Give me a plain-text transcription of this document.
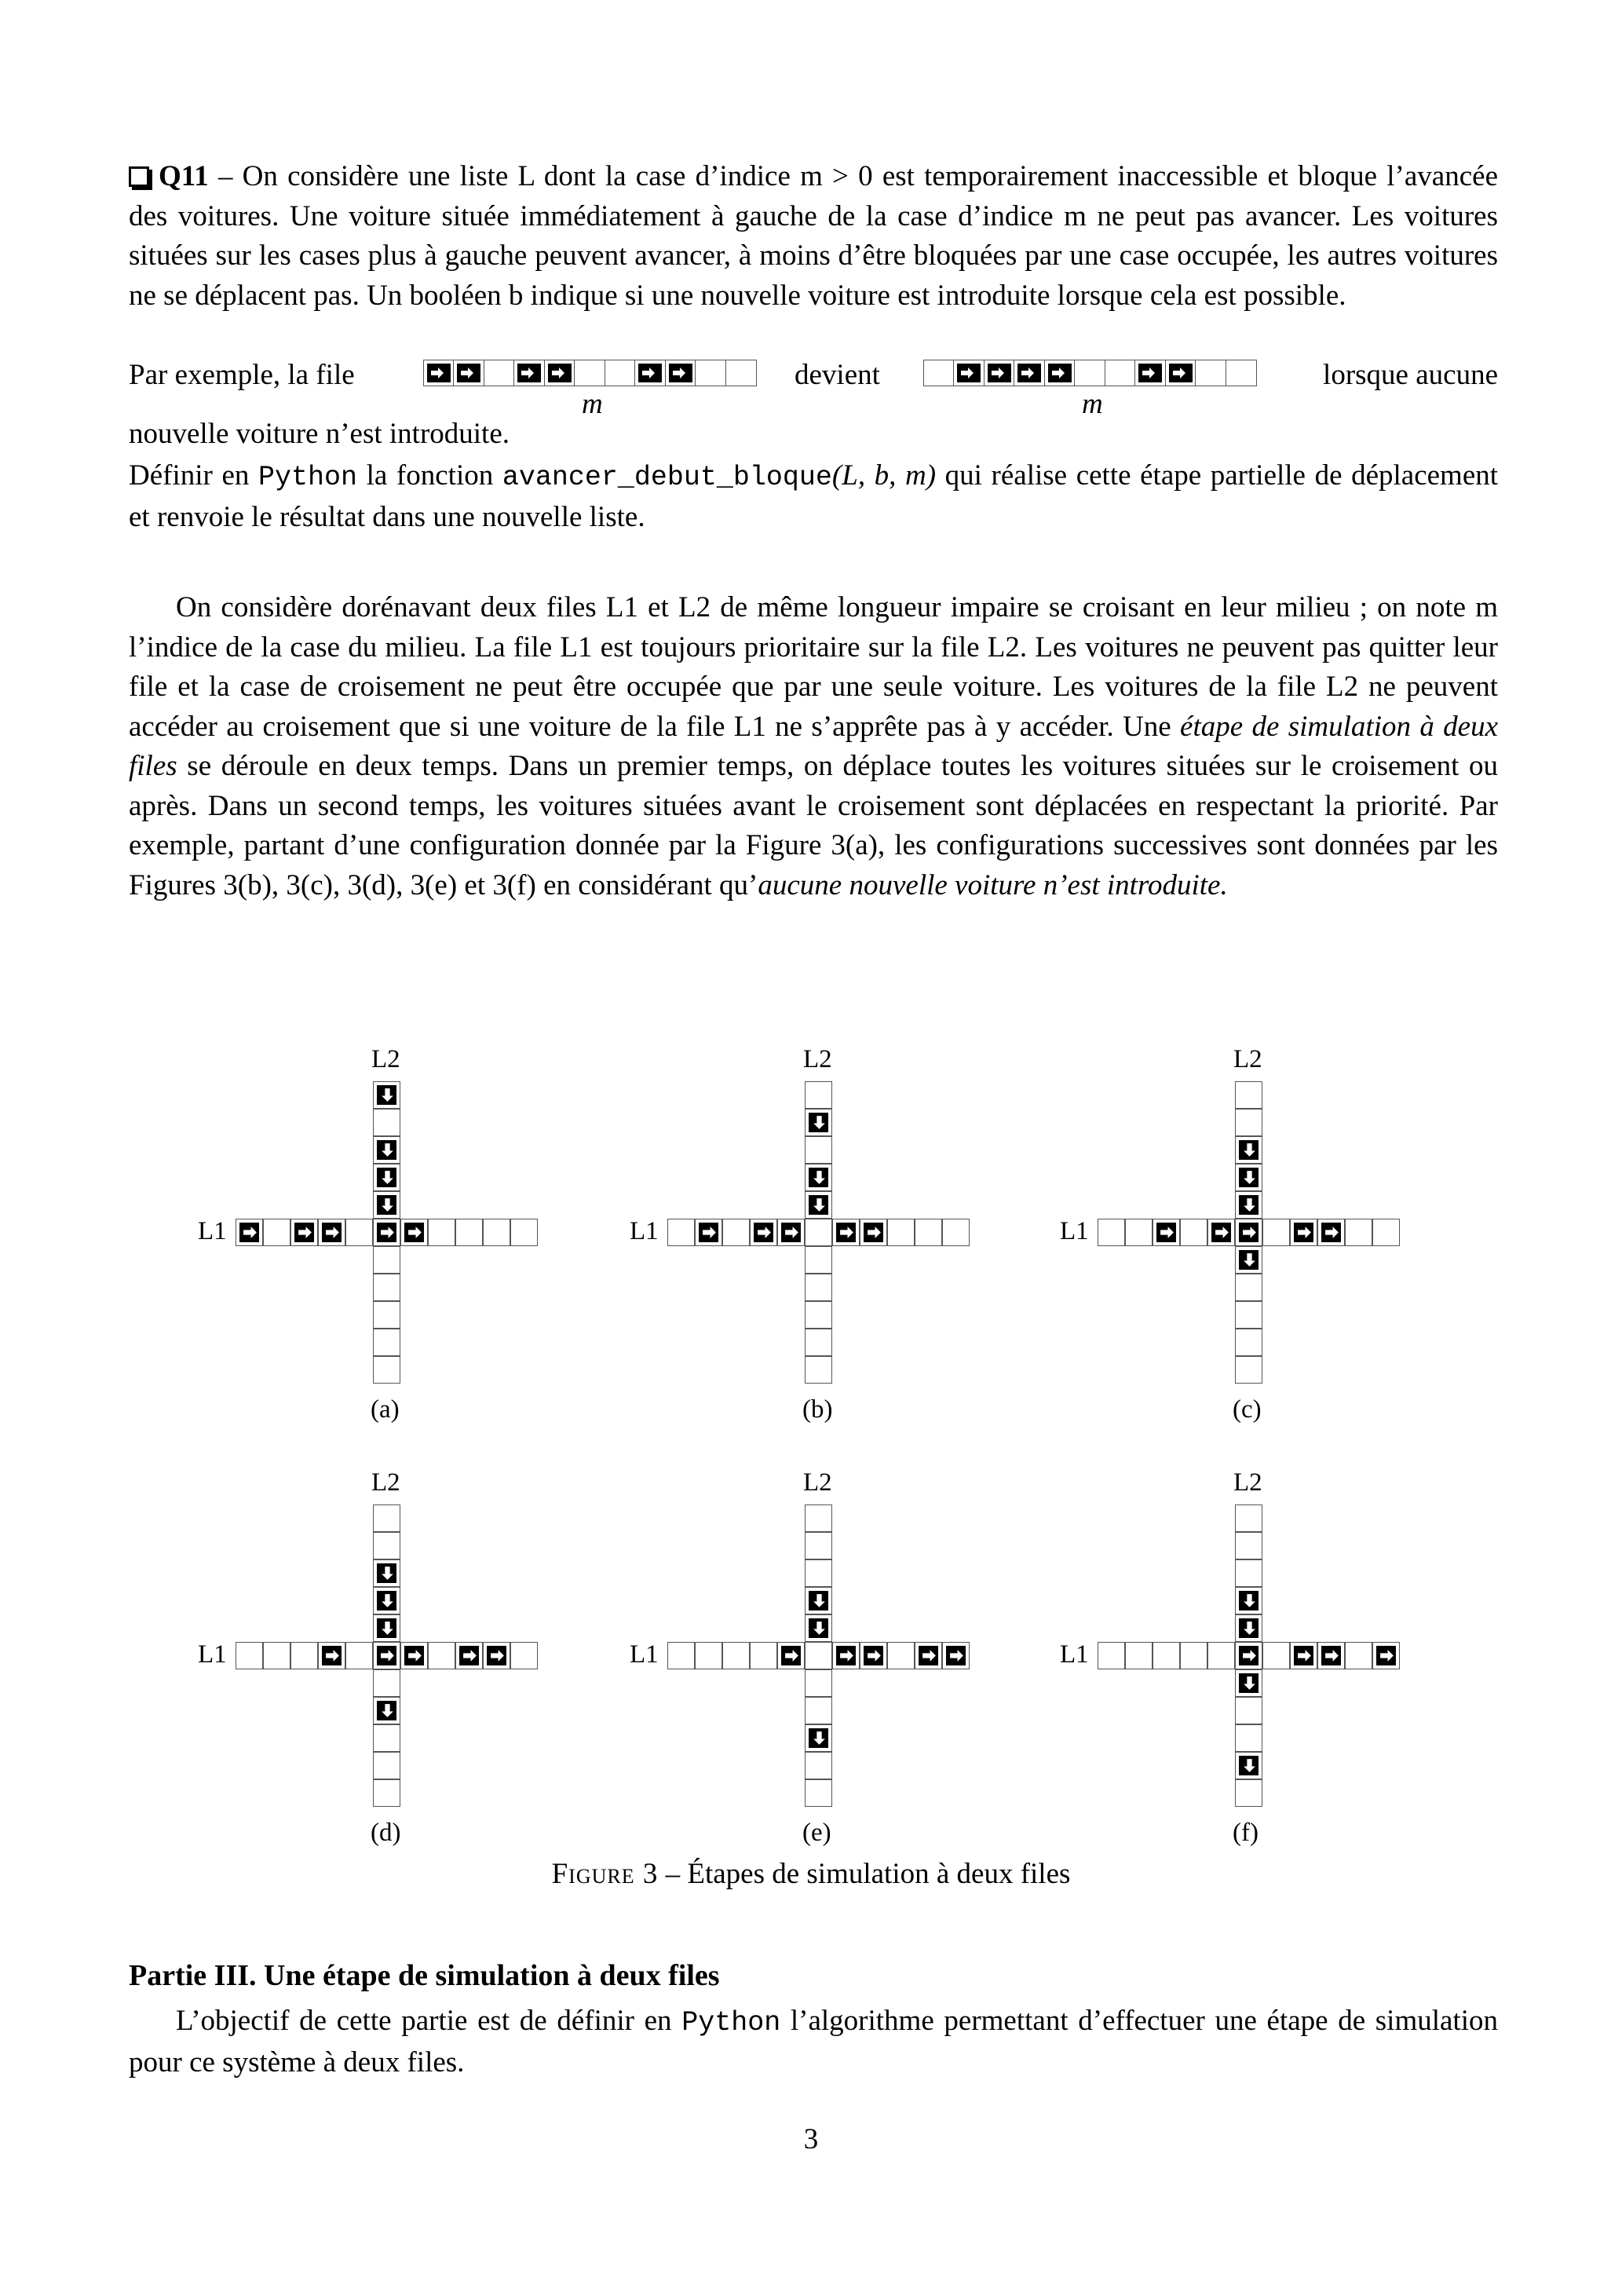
Q11 – On considère une liste L dont la case d’indice m > 0 est temporairement inaccessible et bloque l’avancée des voitures. Une voiture située immédiatement à gauche de la case d’indice m ne peut pas avancer. Les voitures situées sur les cases plus à gauche peuvent avancer, à moins d’être bloquées par une case occupée, les autres voitures ne se déplacent pas. Un booléen b indique si une nouvelle voiture est introduite lorsque cela est possible.
Par exemple, la file
m
devient
m
lorsque aucune
nouvelle voiture n’est introduite.
Définir en Python la fonction avancer_debut_bloque(L, b, m) qui réalise cette étape partielle de déplacement et renvoie le résultat dans une nouvelle liste.
On considère dorénavant deux files L1 et L2 de même longueur impaire se croisant en leur milieu ; on note m l’indice de la case du milieu. La file L1 est toujours prioritaire sur la file L2. Les voitures ne peuvent pas quitter leur file et la case de croisement ne peut être occupée que par une seule voiture. Les voitures de la file L2 ne peuvent accéder au croisement que si une voiture de la file L1 ne s’apprête pas à y accéder. Une étape de simulation à deux files se déroule en deux temps. Dans un premier temps, on déplace toutes les voitures situées sur le croisement ou après. Dans un second temps, les voitures situées avant le croisement sont déplacées en respectant la priorité. Par exemple, partant d’une configuration donnée par la Figure 3(a), les configurations successives sont données par les Figures 3(b), 3(c), 3(d), 3(e) et 3(f) en considérant qu’aucune nouvelle voiture n’est introduite.
L2
L1
(a)
L2
L1
(b)
L2
L1
(c)
L2
L1
(d)
L2
L1
(e)
L2
L1
(f)
Figure 3 – Étapes de simulation à deux files
Partie III. Une étape de simulation à deux files
L’objectif de cette partie est de définir en Python l’algorithme permettant d’effectuer une étape de simulation pour ce système à deux files.
3
